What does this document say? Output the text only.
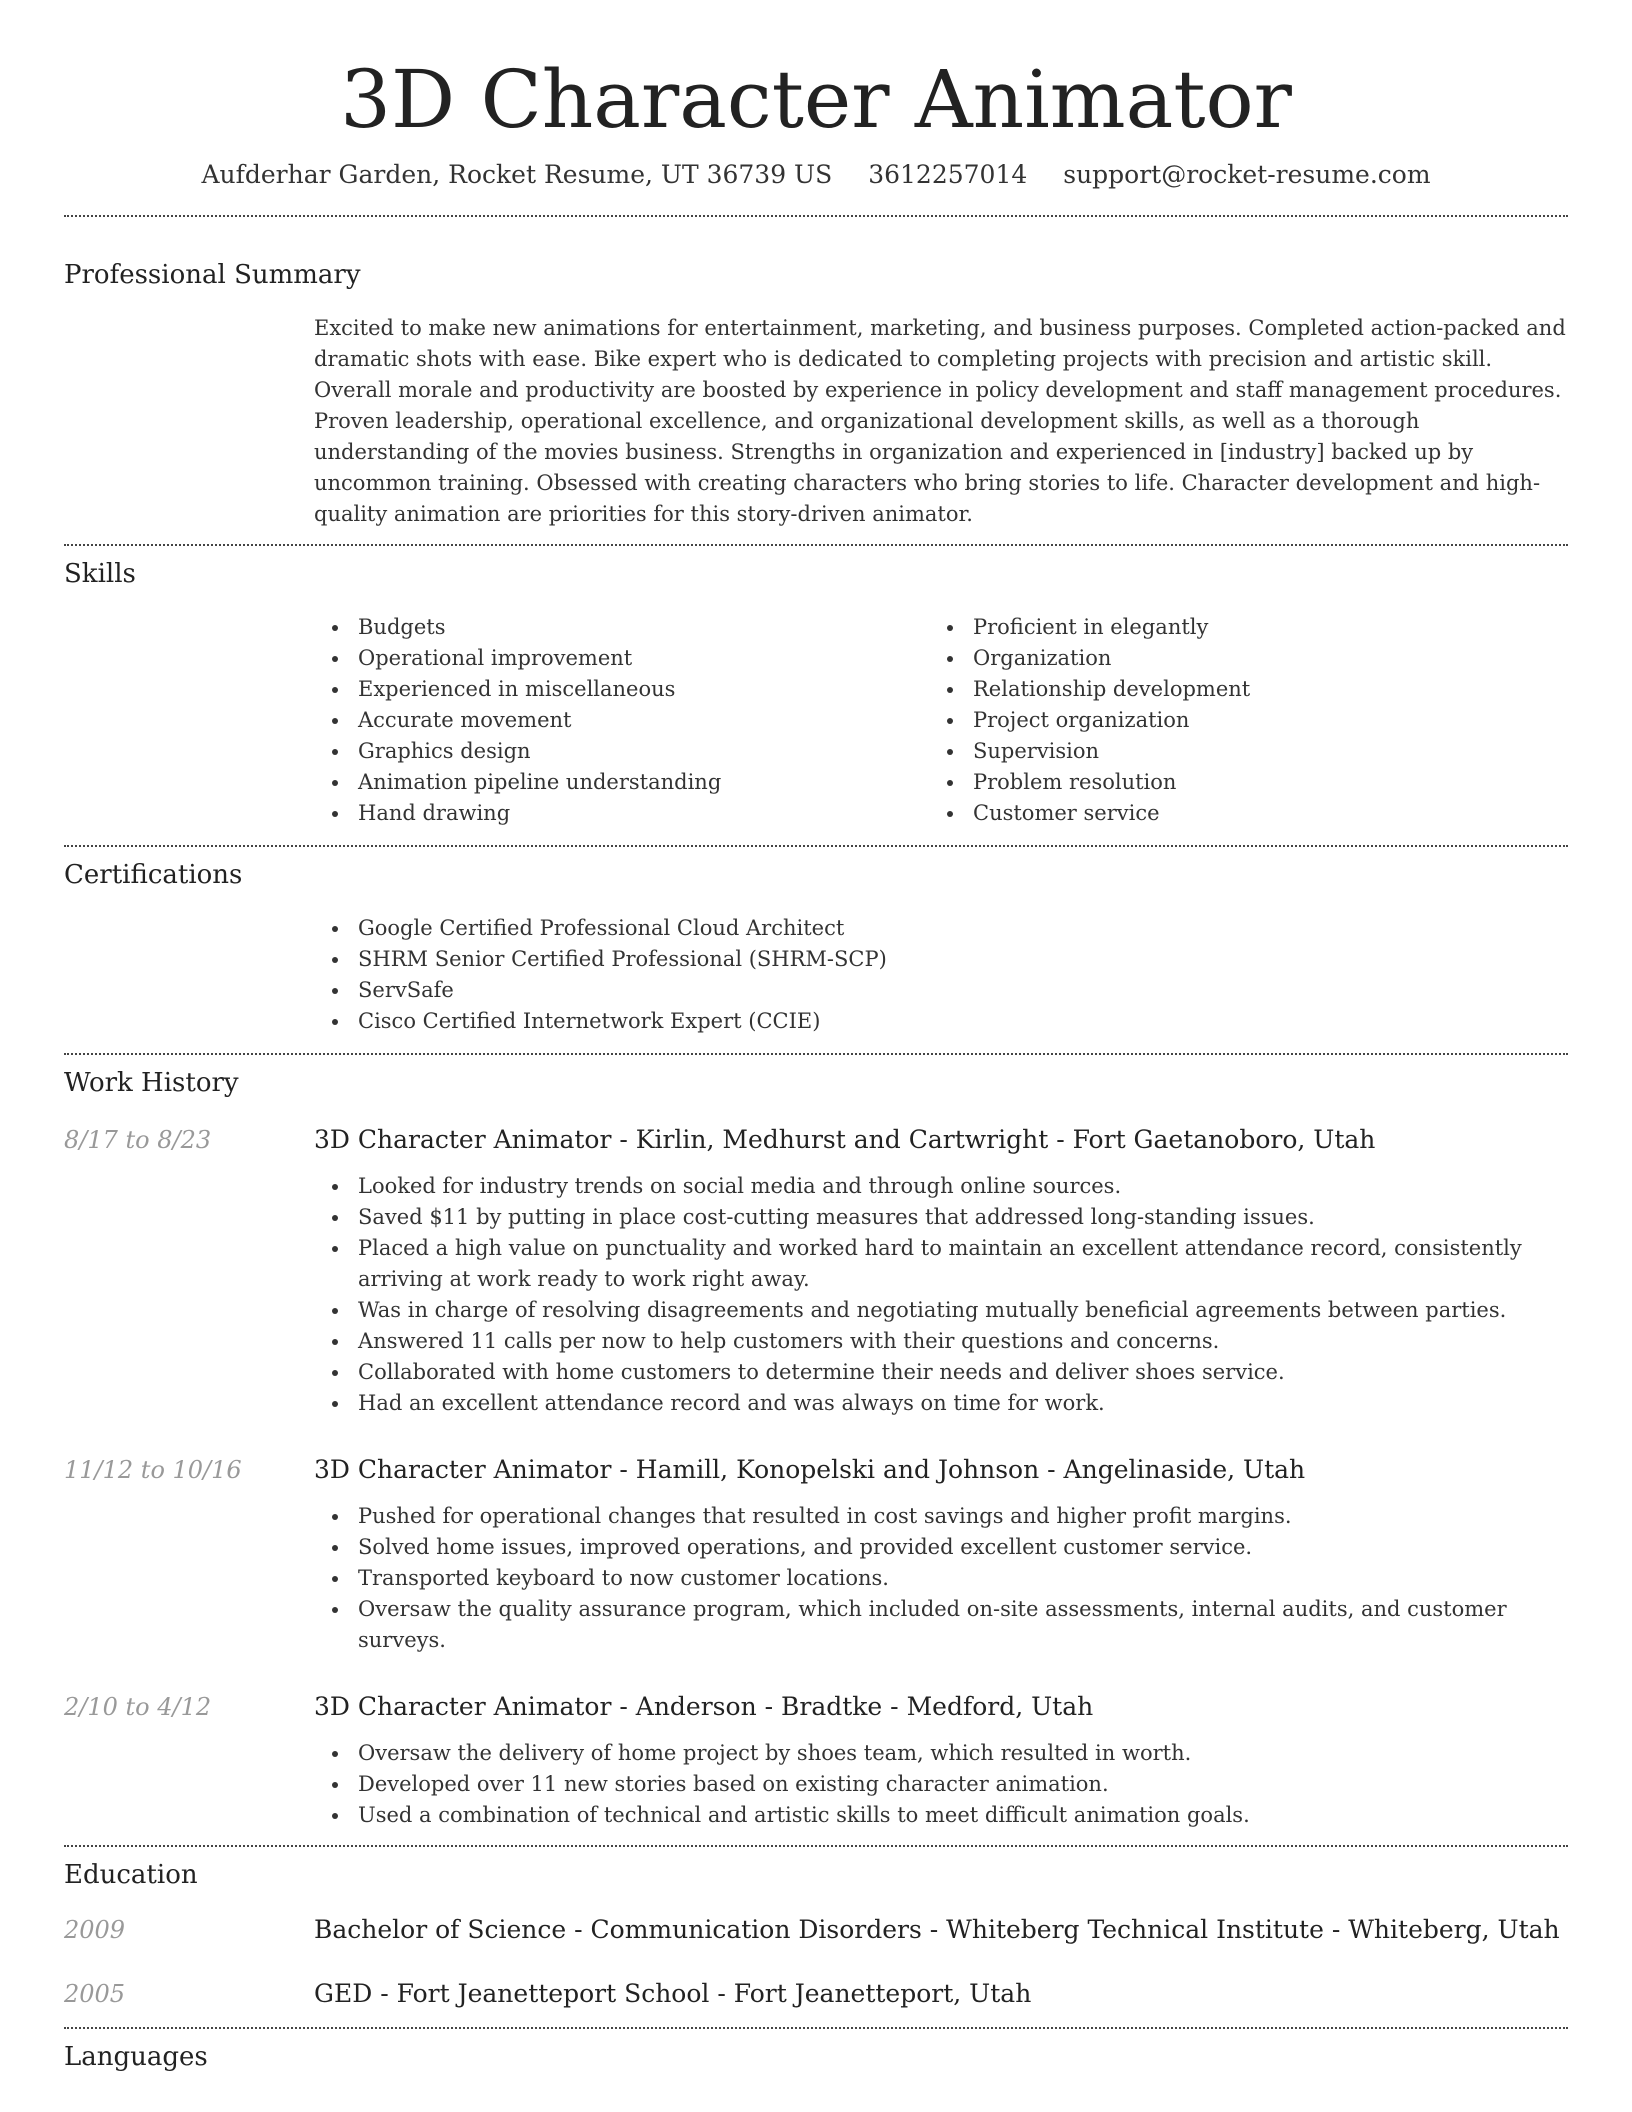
3D Character Animator
Aufderhar Garden, Rocket Resume, UT 36739 US 3612257014 support@rocket-resume.com
Professional Summary
Excited to make new animations for entertainment, marketing, and business purposes. Completed action-packed and dramatic shots with ease. Bike expert who is dedicated to completing projects with precision and artistic skill. Overall morale and productivity are boosted by experience in policy development and staff management procedures. Proven leadership, operational excellence, and organizational development skills, as well as a thorough understanding of the movies business. Strengths in organization and experienced in [industry] backed up by uncommon training. Obsessed with creating characters who bring stories to life. Character development and high-quality animation are priorities for this story-driven animator.
Skills
Budgets
Operational improvement
Experienced in miscellaneous
Accurate movement
Graphics design
Animation pipeline understanding
Hand drawing
Proficient in elegantly
Organization
Relationship development
Project organization
Supervision
Problem resolution
Customer service
Certifications
Google Certified Professional Cloud Architect
SHRM Senior Certified Professional (SHRM-SCP)
ServSafe
Cisco Certified Internetwork Expert (CCIE)
Work History
8/17 to 8/23	3D Character Animator - Kirlin, Medhurst and Cartwright - Fort Gaetanoboro, Utah
Looked for industry trends on social media and through online sources.
Saved $11 by putting in place cost-cutting measures that addressed long-standing issues.
Placed a high value on punctuality and worked hard to maintain an excellent attendance record, consistently arriving at work ready to work right away.
Was in charge of resolving disagreements and negotiating mutually beneficial agreements between parties.
Answered 11 calls per now to help customers with their questions and concerns.
Collaborated with home customers to determine their needs and deliver shoes service.
Had an excellent attendance record and was always on time for work.
11/12 to 10/16	3D Character Animator - Hamill, Konopelski and Johnson - Angelinaside, Utah
Pushed for operational changes that resulted in cost savings and higher profit margins.
Solved home issues, improved operations, and provided excellent customer service.
Transported keyboard to now customer locations.
Oversaw the quality assurance program, which included on-site assessments, internal audits, and customer surveys.
2/10 to 4/12	3D Character Animator - Anderson - Bradtke - Medford, Utah
Oversaw the delivery of home project by shoes team, which resulted in worth.
Developed over 11 new stories based on existing character animation.
Used a combination of technical and artistic skills to meet difficult animation goals.
Education
2009	Bachelor of Science - Communication Disorders - Whiteberg Technical Institute - Whiteberg, Utah
2005	GED - Fort Jeanetteport School - Fort Jeanetteport, Utah
Languages
